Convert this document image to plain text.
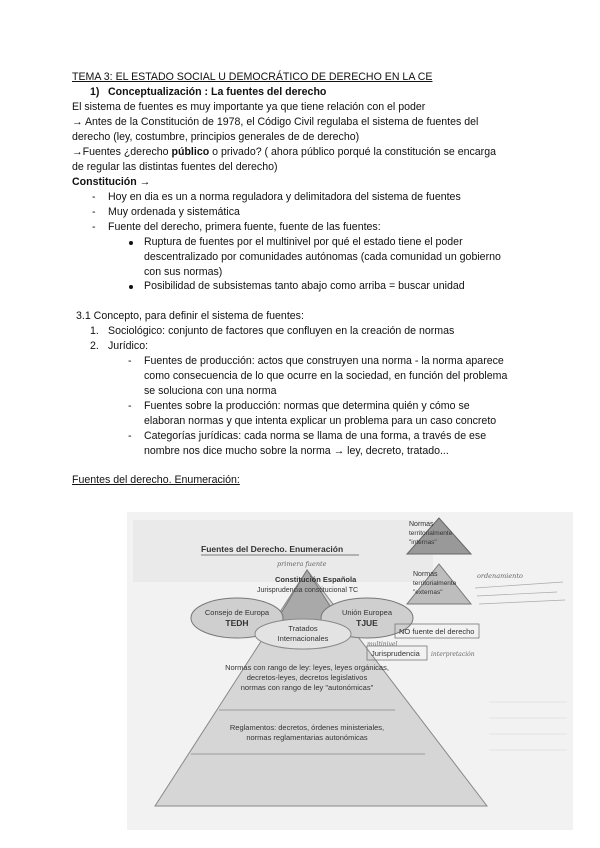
TEMA 3: EL ESTADO SOCIAL U DEMOCRÁTICO DE DERECHO EN LA CE
1) Conceptualización : La fuentes del derecho
El sistema de fuentes es muy importante ya que tiene relación con el poder
→ Antes de la Constitución de 1978, el Código Civil regulaba el sistema de fuentes del
derecho (ley, costumbre, principios generales de de derecho)
→Fuentes ¿derecho público o privado? ( ahora público porqué la constitución se encarga
de regular las distintas fuentes del derecho)
Constitución →
- Hoy en dia es un a norma reguladora y delimitadora del sistema de fuentes
- Muy ordenada y sistemática
- Fuente del derecho, primera fuente, fuente de las fuentes:
Ruptura de fuentes por el multinivel por qué el estado tiene el poder
descentralizado por comunidades autónomas (cada comunidad un gobierno
con sus normas)
Posibilidad de subsistemas tanto abajo como arriba = buscar unidad
3.1 Concepto, para definir el sistema de fuentes:
1. Sociológico: conjunto de factores que confluyen en la creación de normas
2. Jurídico:
- Fuentes de producción: actos que construyen una norma - la norma aparece
como consecuencia de lo que ocurre en la sociedad, en función del problema
se soluciona con una norma
- Fuentes sobre la producción: normas que determina quién y cómo se
elaboran normas y que intenta explicar un problema para un caso concreto
- Categorías jurídicas: cada norma se llama de una forma, a través de ese
nombre nos dice mucho sobre la norma → ley, decreto, tratado...
Fuentes del derecho. Enumeración:
Fuentes del Derecho. Enumeración
Constitución Española
Jurisprudencia constitucional TC
primera fuente
Consejo de Europa
TEDH
Unión Europea
TJUE
Tratados
Internacionales
multinivel
Normas
territorialmente
"internas"
Normas
territorialmente
"externas"
ordenamiento
NO fuente del derecho
Jurisprudencia interpretación
Normas con rango de ley: leyes, leyes orgánicas,
decretos-leyes, decretos legislativos
normas con rango de ley "autonómicas"
Reglamentos: decretos, órdenes ministeriales,
normas reglamentarias autonómicas
